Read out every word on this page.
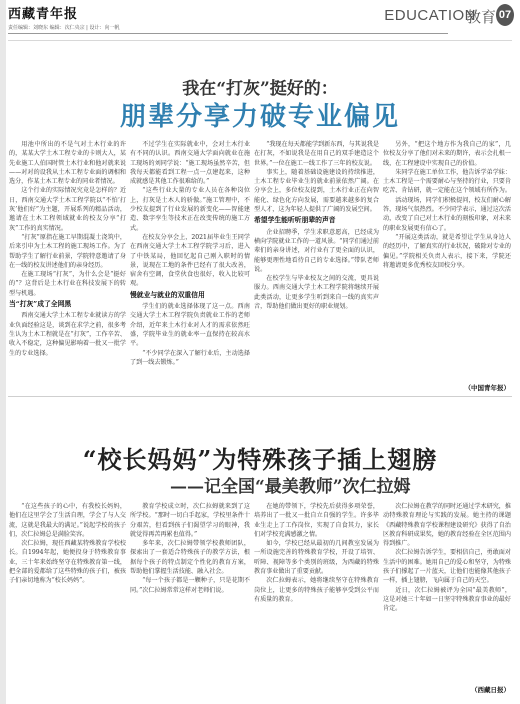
西藏青年报
责任编辑：刘晓东 编辑：次仁央宗 | 设计：向一帆
EDUCATION
教育 07
我在“打灰”挺好的：
朋辈分享力破专业偏见

用池中所出的不是气对土木行业的许的，某某大学土木工程专业的卡则大人，某先业施工人伯国时管土木行业和他对就来说——对对的设我从土木工程专业面的调相和选分，作某土木工程专业的同业者情况。

这个行业的实际情况究竟是怎样的？近日，西南交通大学土木工程学院以“不怕‘打灰’他们好”为主题，开展系列的精品活动，邀请在土木工程领域就业的校友分享“打灰”工作的真实情况。

“打灰”原指在施工早期混凝土浇筑中，后来引申为土木工程的施工现场工作。为了帮助学生了解行业前景，学院特意邀请了身在一线的校友讲述他们的亲身经历。

在施工现场“打灰”，为什么会是“挺好的”？这背后是土木行业在科技发展下的转型与机遇。

当“打灰”成了全网黑

西南交通大学土木工程专业就读方的学业负面经验这是，谈到在求学之前，很多考生认为土木工程就是在“打灰”，工作辛苦、收入不稳定，这种偏见影响着一批又一批学生的专业选择。

不过学生在实际就业中，会对土木行业有不同的认识。西南交通大学面向就业在施工现场的刘同学说：“施工现场虽然辛苦，但我每天都能看到工程一点一点建起来，这种成就感是其他工作很难给的。”

“这些行业大量的专业人员在各种岗位上，打灰是土木人的骄傲。”施工管理中，不少校友提到了行业发展的新变化——智能建造、数字孪生等技术正在改变传统的施工方式。

在校友分享会上，2021届毕业生王同学在西南交通大学土木工程学院学习后，进入了中铁某局，他回忆起自己刚入职时的情景，说现在工地的条件已经有了很大改善，宿舍有空调，食堂伙食也很好，收入比较可观。

慢就业与就业的双重信用

学生们的就业选择体现了这一点。西南交通大学土木工程学院负责就业工作的老师介绍，近年来土木行业对人才的需求依然旺盛，学院毕业生的就业率一直保持在较高水平。

“不少同学在深入了解行业后，主动选择了到一线去锻炼。”

“我现在每天都能学到新东西，与其说我是在打灰，不如说我是在用自己的双手建造这个世界。”一位在施工一线工作了三年的校友说。

事实上，随着基础设施建设的持续推进，土木工程专业毕业生的就业前景依然广阔。在分享会上，多位校友提到，土木行业正在向智能化、绿色化方向发展，需要越来越多的复合型人才，这为年轻人提供了广阔的发展空间。

希望学生能听听朋辈的声音

企业招聘季，学生求职意愿高，已经成为横向学院就业工作的一道风景。“同学们通过前辈们的亲身讲述，对行业有了更全面的认识，能够更理性地看待自己的专业选择。”带队老师说。

在校学生与毕业校友之间的交流，更具说服力。西南交通大学土木工程学院将继续开展此类活动，让更多学生听到来自一线的真实声音，帮助他们做出更好的职业规划。

另外，“把这个地方作为我自己的家”，几位校友分享了他们对未来的期许，表示会扎根一线，在工程建设中实现自己的价值。

朱同学在施工单位工作，他告诉学弟学妹：土木工程是一个需要耐心与坚持的行业，只要肯吃苦、肯钻研，就一定能在这个领域有所作为。

活动现场，同学们积极提问，校友们耐心解答，现场气氛热烈。不少同学表示，通过这次活动，改变了自己对土木行业的刻板印象，对未来的职业发展更有信心了。

“开展这类活动，就是希望让学生从身边人的经历中，了解真实的行业状况，破除对专业的偏见。”学院相关负责人表示，接下来，学院还将邀请更多优秀校友回校分享。

（中国青年报）
“校长妈妈”为特殊孩子插上翅膀
——记全国“最美教师”次仁拉姆

“在这些孩子的心中，有我校长妈妈，他们在这里学会了生活自理，学会了与人交流，这就是我最大的满足。”说起学校的孩子们，次仁拉姆总是满脸笑容。

次仁拉姆，现任西藏某特殊教育学校校长。自1994年起，她便投身于特殊教育事业，三十年来始终坚守在特殊教育第一线，把全部的爱都给了这些特殊的孩子们，被孩子们亲切地称为“校长妈妈”。

教育学校成立时，次仁拉姆就来到了这所学校。“那时一切白手起家，学校里条件十分艰苦，但看到孩子们渴望学习的眼神，我就觉得再苦再累也值得。”

多年来，次仁拉姆带领学校教师团队，探索出了一套适合特殊孩子的教学方法，根据每个孩子的特点制定个性化的教育方案，帮助他们掌握生活技能、融入社会。

“每一个孩子都是一颗种子，只是花期不同。”次仁拉姆常常这样对老师们说。

在她的带领下，学校先后获得多项荣誉，培养出了一批又一批自立自强的学生。许多毕业生走上了工作岗位，实现了自食其力，家长们对学校充满感激之情。

如今，学校已经从最初的几间教室发展为一所设施完善的特殊教育学校，开设了培智、听障、视障等多个类别的班级，为西藏的特殊教育事业做出了重要贡献。

次仁拉姆表示，她将继续坚守在特殊教育岗位上，让更多的特殊孩子能够享受到公平而有质量的教育。

次仁拉姆在教学的同时还通过学术研究，推动特殊教育理论与实践的发展。她主持的课题《西藏特殊教育学校课程建设研究》获得了自治区教育科研成果奖，她的教育经验在全区范围内得到推广。

次仁拉姆告诉学生，要相信自己，勇敢面对生活中的困难。她用自己的爱心和坚守，为特殊孩子们撑起了一片蓝天，让他们也能像其他孩子一样，插上翅膀，飞向属于自己的天空。

近日，次仁拉姆被评为全国“最美教师”，这是对她三十年如一日坚守特殊教育事业的最好肯定。

（西藏日报）
